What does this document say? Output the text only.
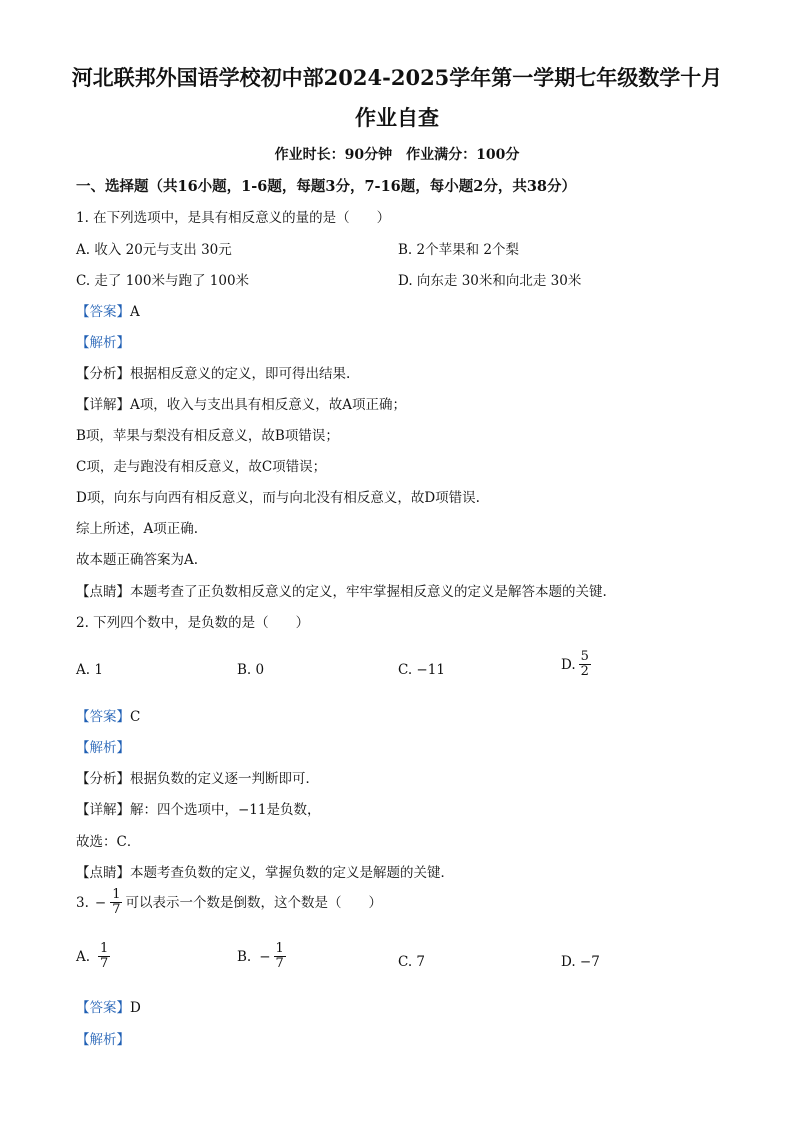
河北联邦外国语学校初中部2024-2025学年第一学期七年级数学十月
作业自查
作业时长：90分钟　作业满分：100分
一、选择题（共16小题，1-6题，每题3分，7-16题，每小题2分，共38分）
1. 在下列选项中，是具有相反意义的量的是（　　）
A. 收入 20元与支出 30元	B. 2个苹果和 2个梨
C. 走了 100米与跑了 100米	D. 向东走 30米和向北走 30米
【答案】A
【解析】
【分析】根据相反意义的定义，即可得出结果.
【详解】A项，收入与支出具有相反意义，故A项正确；
B项，苹果与梨没有相反意义，故B项错误；
C项，走与跑没有相反意义，故C项错误；
D项，向东与向西有相反意义，而与向北没有相反意义，故D项错误.
综上所述，A项正确.
故本题正确答案为A.
【点睛】本题考查了正负数相反意义的定义，牢牢掌握相反意义的定义是解答本题的关键.
2. 下列四个数中，是负数的是（　　）
A. 1	B. 0	C. −11	D. $\frac{5}{2}$
【答案】C
【解析】
【分析】根据负数的定义逐一判断即可．
【详解】解：四个选项中，−11是负数，
故选：C．
【点睛】本题考查负数的定义，掌握负数的定义是解题的关键．
3. − $\frac{1}{7}$ 可以表示一个数是倒数，这个数是（　　）
A. $\frac{1}{7}$	B. − $\frac{1}{7}$	C. 7	D. −7
【答案】D
【解析】
